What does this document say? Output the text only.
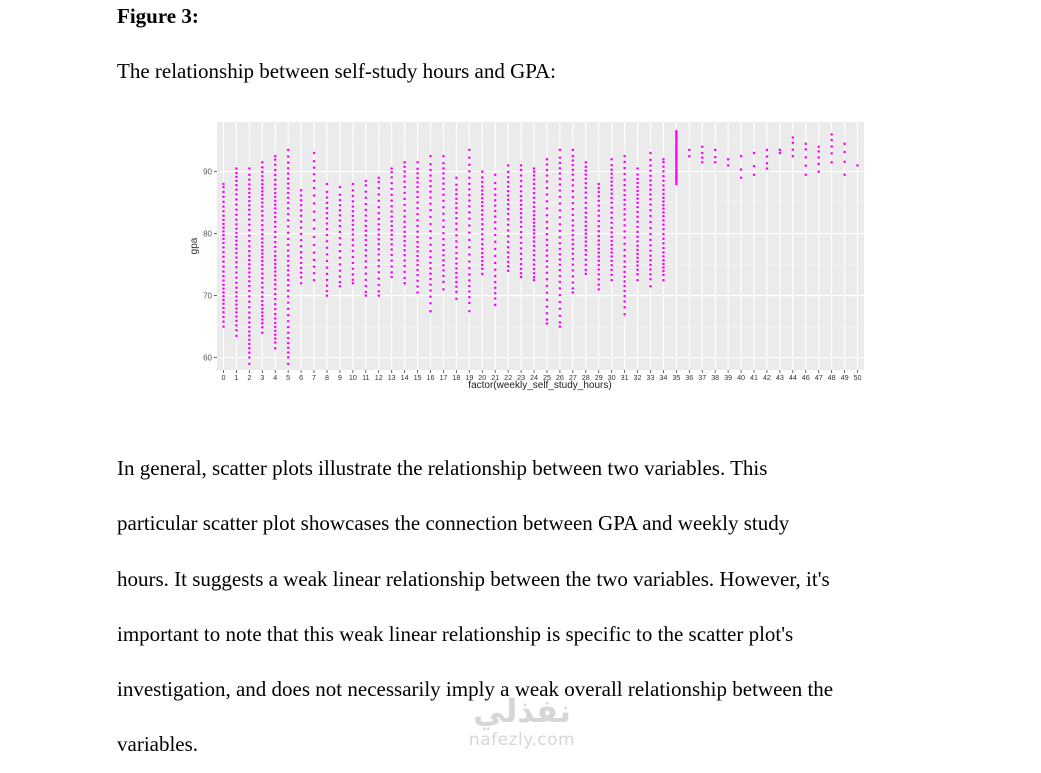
Figure 3:
The relationship between self-study hours and GPA:
60
70
80
90
0 1 2 3 4 5 6 7 8 9 10 11 12 13 14 15 16 17 18 19 20 21 22 23 24 25 26 27 28 29 30 31 32 33 34 35 36 37 38 39 40 41 42 43 44 46 47 48 49 50
gpa
factor(weekly_self_study_hours)
In general, scatter plots illustrate the relationship between two variables. This
particular scatter plot showcases the connection between GPA and weekly study
hours. It suggests a weak linear relationship between the two variables. However, it's
important to note that this weak linear relationship is specific to the scatter plot's
investigation, and does not necessarily imply a weak overall relationship between the
variables.
نفذلي
nafezly.com
